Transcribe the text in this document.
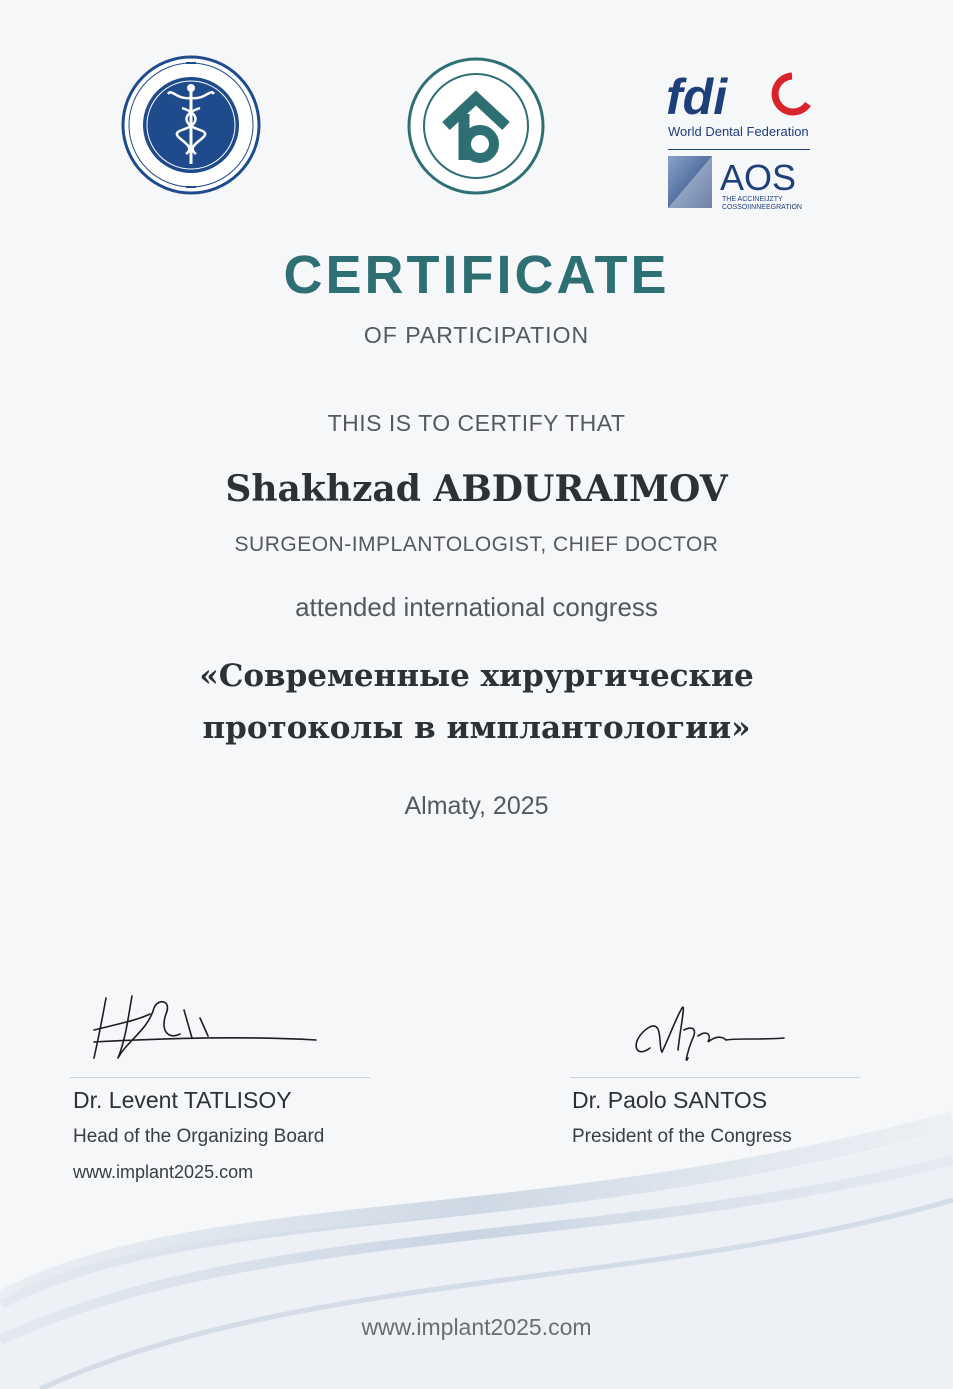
fdi
World Dental Federation
AOS
THE ACCINEIJZTY
COSSOIINNEEGRATION
CERTIFICATE
OF PARTICIPATION
THIS IS TO CERTIFY THAT
Shakhzad ABDURAIMOV
SURGEON-IMPLANTOLOGIST, CHIEF DOCTOR
attended international congress
«Современные хирургические
протоколы в имплантологии»
Almaty, 2025
Dr. Levent TATLISOY
Head of the Organizing Board
www.implant2025.com
Dr. Paolo SANTOS
President of the Congress
www.implant2025.com
